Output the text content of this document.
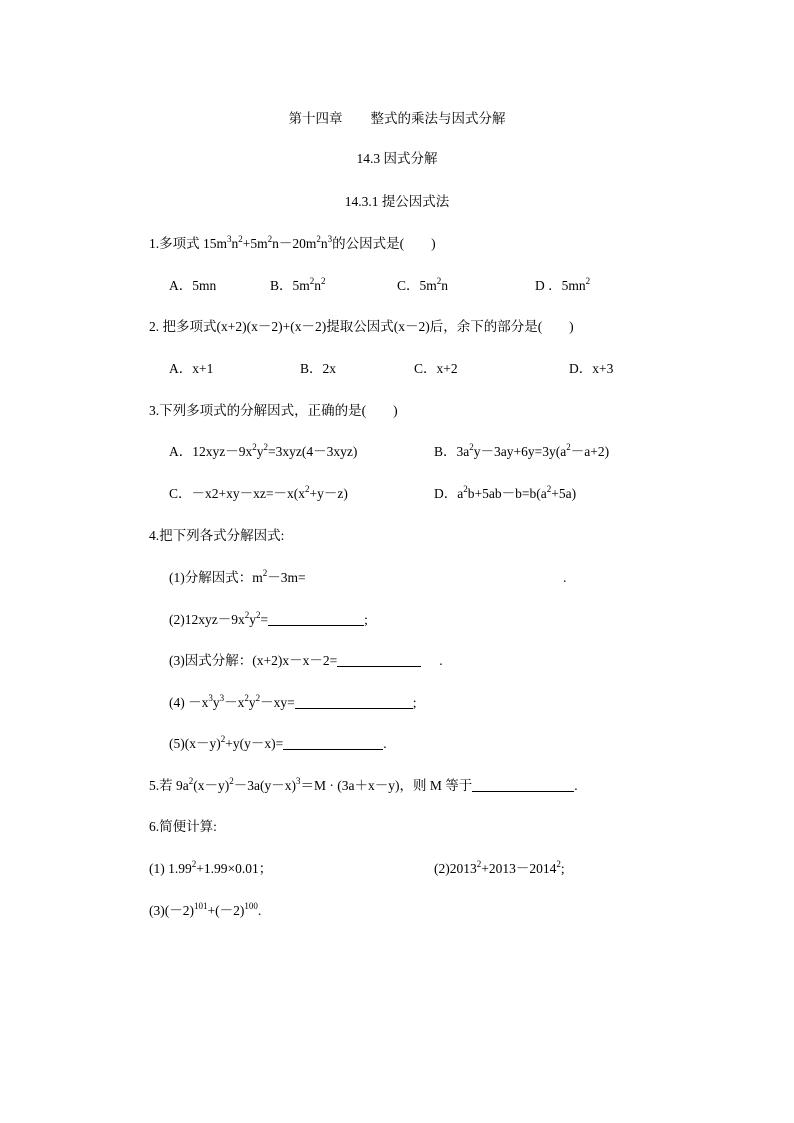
第十四章 整式的乘法与因式分解
14.3 因式分解
14.3.1 提公因式法
1.多项式 $15m^3n^2+5m^2n-20m^2n^3$的公因式是(　　)
A．5mn	B．$5m^2n^2$	C．$5m^2n$	D ．$5mn^2$
2. 把多项式(x+2)(x－2)+(x－2)提取公因式(x－2)后，余下的部分是(　　)
A．x+1	B．2x	C．x+2	D．x+3
3.下列多项式的分解因式，正确的是(　　)
A．$12xyz-9x^2y^2=3xyz(4-3xyz)$	B．$3a^2y-3ay+6y=3y(a^2-a+2)$
C．$-x2+xy-xz=-x(x^2+y-z)$	D．$a^2b+5ab-b=b(a^2+5a)$
4.把下列各式分解因式:
(1)分解因式：$m^2-3m=$	.
$(2)12xyz-9x^2y^2=$	;
(3)因式分解：(x+2)x－x－2=	.
$(4) -x^3y^3-x^2y^2-xy=$	;
$(5)(x-y)^2+y(y-x)=$	.
5.若 $9a^2(x-y)^2-3a(y-x)^3=M \cdot (3a+x-y)$，则 M 等于	.
6.简便计算:
(1) $1.99^2+1.99\times 0.01$；	$(2)2013^2+2013-2014^2$;
$(3)(-2)^{101}+(-2)^{100}$.
